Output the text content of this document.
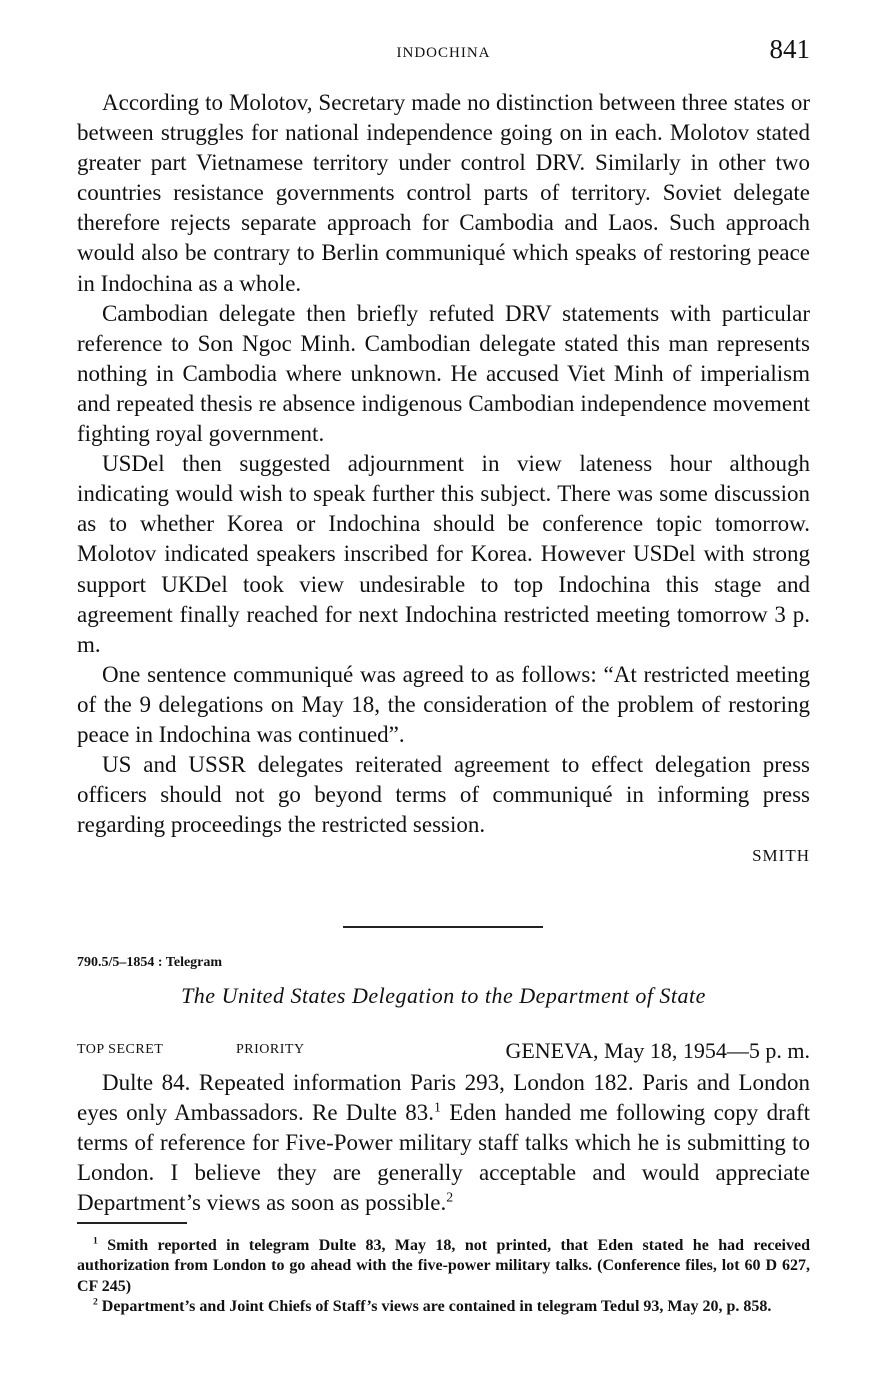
INDOCHINA	841

According to Molotov, Secretary made no distinction between three states or between struggles for national independence going on in each. Molotov stated greater part Vietnamese territory under control DRV. Similarly in other two countries resistance governments control parts of territory. Soviet delegate therefore rejects separate approach for Cambodia and Laos. Such approach would also be contrary to Berlin communiqué which speaks of restoring peace in Indochina as a whole.

Cambodian delegate then briefly refuted DRV statements with particular reference to Son Ngoc Minh. Cambodian delegate stated this man represents nothing in Cambodia where unknown. He accused Viet Minh of imperialism and repeated thesis re absence indigenous Cambodian independence movement fighting royal government.

USDel then suggested adjournment in view lateness hour although indicating would wish to speak further this subject. There was some discussion as to whether Korea or Indochina should be conference topic tomorrow. Molotov indicated speakers inscribed for Korea. However USDel with strong support UKDel took view undesirable to top Indochina this stage and agreement finally reached for next Indochina restricted meeting tomorrow 3 p. m.

One sentence communiqué was agreed to as follows: “At restricted meeting of the 9 delegations on May 18, the consideration of the problem of restoring peace in Indochina was continued”.

US and USSR delegates reiterated agreement to effect delegation press officers should not go beyond terms of communiqué in informing press regarding proceedings the restricted session.

SMITH
790.5/5–1854 : Telegram
The United States Delegation to the Department of State
TOP SECRET	PRIORITY	GENEVA, May 18, 1954—5 p. m.

Dulte 84. Repeated information Paris 293, London 182. Paris and London eyes only Ambassadors. Re Dulte 83.$^1$ Eden handed me following copy draft terms of reference for Five-Power military staff talks which he is submitting to London. I believe they are generally acceptable and would appreciate Department’s views as soon as possible.$^2$

$^1$ Smith reported in telegram Dulte 83, May 18, not printed, that Eden stated he had received authorization from London to go ahead with the five-power military talks. (Conference files, lot 60 D 627, CF 245)

$^2$ Department’s and Joint Chiefs of Staff’s views are contained in telegram Tedul 93, May 20, p. 858.
